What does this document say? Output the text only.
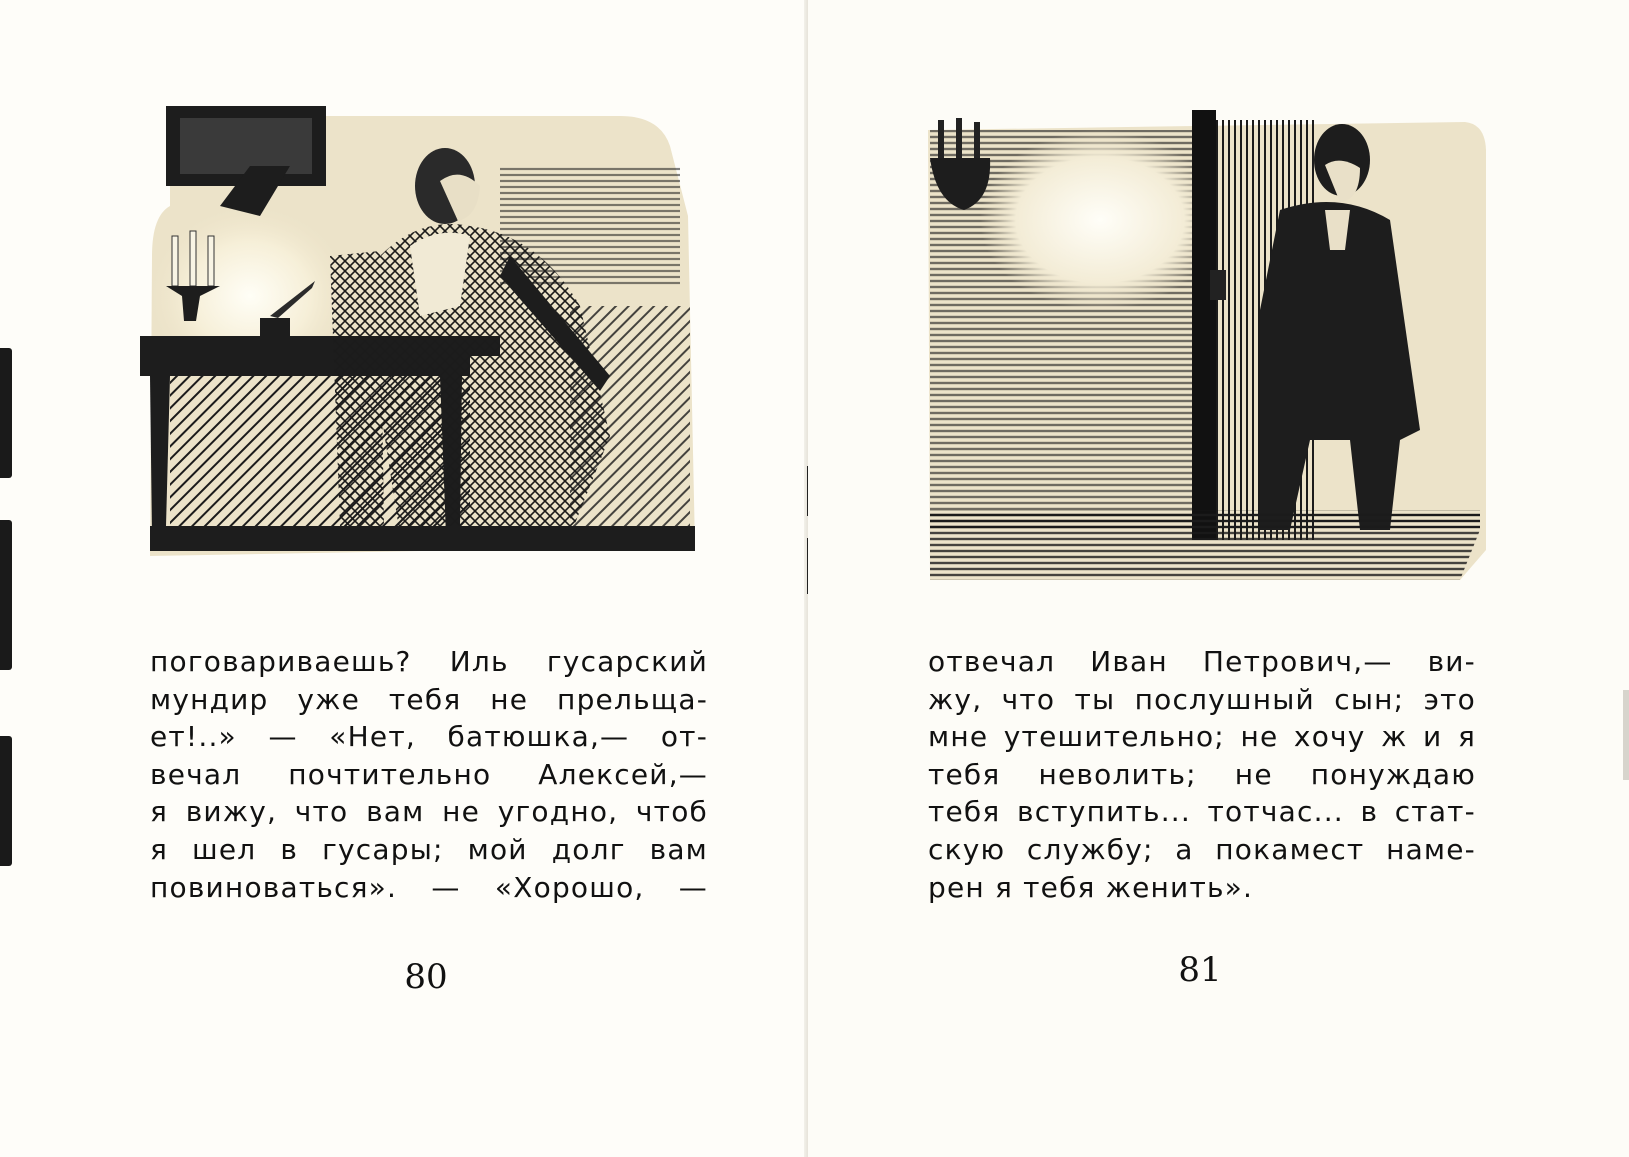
поговариваешь? Иль гусарский
мундир уже тебя не прельща-
ет!..» — «Нет, батюшка,— от-
вечал почтительно Алексей,—
я вижу, что вам не угодно, чтоб
я шел в гусары; мой долг вам
повиноваться». — «Хорошо, —

80

отвечал Иван Петрович,— ви-
жу, что ты послушный сын; это
мне утешительно; не хочу ж и я
тебя неволить; не понуждаю
тебя вступить... тотчас... в стат-
скую службу; а покамест наме-
рен я тебя женить».

81
